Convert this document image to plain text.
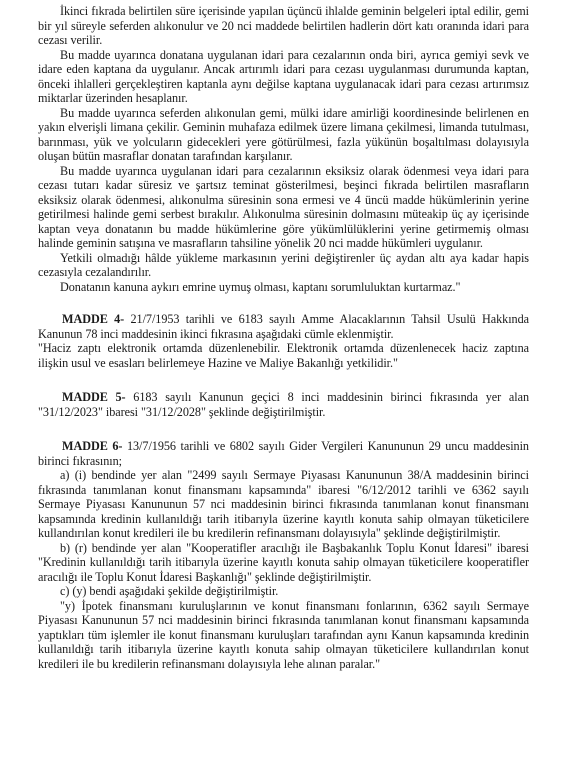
İkinci fıkrada belirtilen süre içerisinde yapılan üçüncü ihlalde geminin belgeleri iptal edilir, gemi bir yıl süreyle seferden alıkonulur ve 20 nci maddede belirtilen hadlerin dört katı oranında idari para cezası verilir.

Bu madde uyarınca donatana uygulanan idari para cezalarının onda biri, ayrıca gemiyi sevk ve idare eden kaptana da uygulanır. Ancak artırımlı idari para cezası uygulanması durumunda kaptan, önceki ihlalleri gerçekleştiren kaptanla aynı değilse kaptana uygulanacak idari para cezası artırımsız miktarlar üzerinden hesaplanır.

Bu madde uyarınca seferden alıkonulan gemi, mülki idare amirliği koordinesinde belirlenen en yakın elverişli limana çekilir. Geminin muhafaza edilmek üzere limana çekilmesi, limanda tutulması, barınması, yük ve yolcuların gidecekleri yere götürülmesi, fazla yükünün boşaltılması dolayısıyla oluşan bütün masraflar donatan tarafından karşılanır.

Bu madde uyarınca uygulanan idari para cezalarının eksiksiz olarak ödenmesi veya idari para cezası tutarı kadar süresiz ve şartsız teminat gösterilmesi, beşinci fıkrada belirtilen masrafların eksiksiz olarak ödenmesi, alıkonulma süresinin sona ermesi ve 4 üncü madde hükümlerinin yerine getirilmesi halinde gemi serbest bırakılır. Alıkonulma süresinin dolmasını müteakip üç ay içerisinde kaptan veya donatanın bu madde hükümlerine göre yükümlülüklerini yerine getirmemiş olması halinde geminin satışına ve masrafların tahsiline yönelik 20 nci madde hükümleri uygulanır.

Yetkili olmadığı hâlde yükleme markasının yerini değiştirenler üç aydan altı aya kadar hapis cezasıyla cezalandırılır.

Donatanın kanuna aykırı emrine uymuş olması, kaptanı sorumluluktan kurtarmaz."

MADDE 4- 21/7/1953 tarihli ve 6183 sayılı Amme Alacaklarının Tahsil Usulü Hakkında Kanunun 78 inci maddesinin ikinci fıkrasına aşağıdaki cümle eklenmiştir.

"Haciz zaptı elektronik ortamda düzenlenebilir. Elektronik ortamda düzenlenecek haciz zaptına ilişkin usul ve esasları belirlemeye Hazine ve Maliye Bakanlığı yetkilidir."

MADDE 5- 6183 sayılı Kanunun geçici 8 inci maddesinin birinci fıkrasında yer alan "31/12/2023" ibaresi "31/12/2028" şeklinde değiştirilmiştir.

MADDE 6- 13/7/1956 tarihli ve 6802 sayılı Gider Vergileri Kanununun 29 uncu maddesinin birinci fıkrasının;

a) (i) bendinde yer alan "2499 sayılı Sermaye Piyasası Kanununun 38/A maddesinin birinci fıkrasında tanımlanan konut finansmanı kapsamında" ibaresi "6/12/2012 tarihli ve 6362 sayılı Sermaye Piyasası Kanununun 57 nci maddesinin birinci fıkrasında tanımlanan konut finansmanı kapsamında kredinin kullanıldığı tarih itibarıyla üzerine kayıtlı konuta sahip olmayan tüketicilere kullandırılan konut kredileri ile bu kredilerin refinansmanı dolayısıyla" şeklinde değiştirilmiştir.

b) (r) bendinde yer alan "Kooperatifler aracılığı ile Başbakanlık Toplu Konut İdaresi" ibaresi "Kredinin kullanıldığı tarih itibarıyla üzerine kayıtlı konuta sahip olmayan tüketicilere kooperatifler aracılığı ile Toplu Konut İdaresi Başkanlığı" şeklinde değiştirilmiştir.

c) (y) bendi aşağıdaki şekilde değiştirilmiştir.

"y) İpotek finansmanı kuruluşlarının ve konut finansmanı fonlarının, 6362 sayılı Sermaye Piyasası Kanununun 57 nci maddesinin birinci fıkrasında tanımlanan konut finansmanı kapsamında yaptıkları tüm işlemler ile konut finansmanı kuruluşları tarafından aynı Kanun kapsamında kredinin kullanıldığı tarih itibarıyla üzerine kayıtlı konuta sahip olmayan tüketicilere kullandırılan konut kredileri ile bu kredilerin refinansmanı dolayısıyla lehe alınan paralar."
